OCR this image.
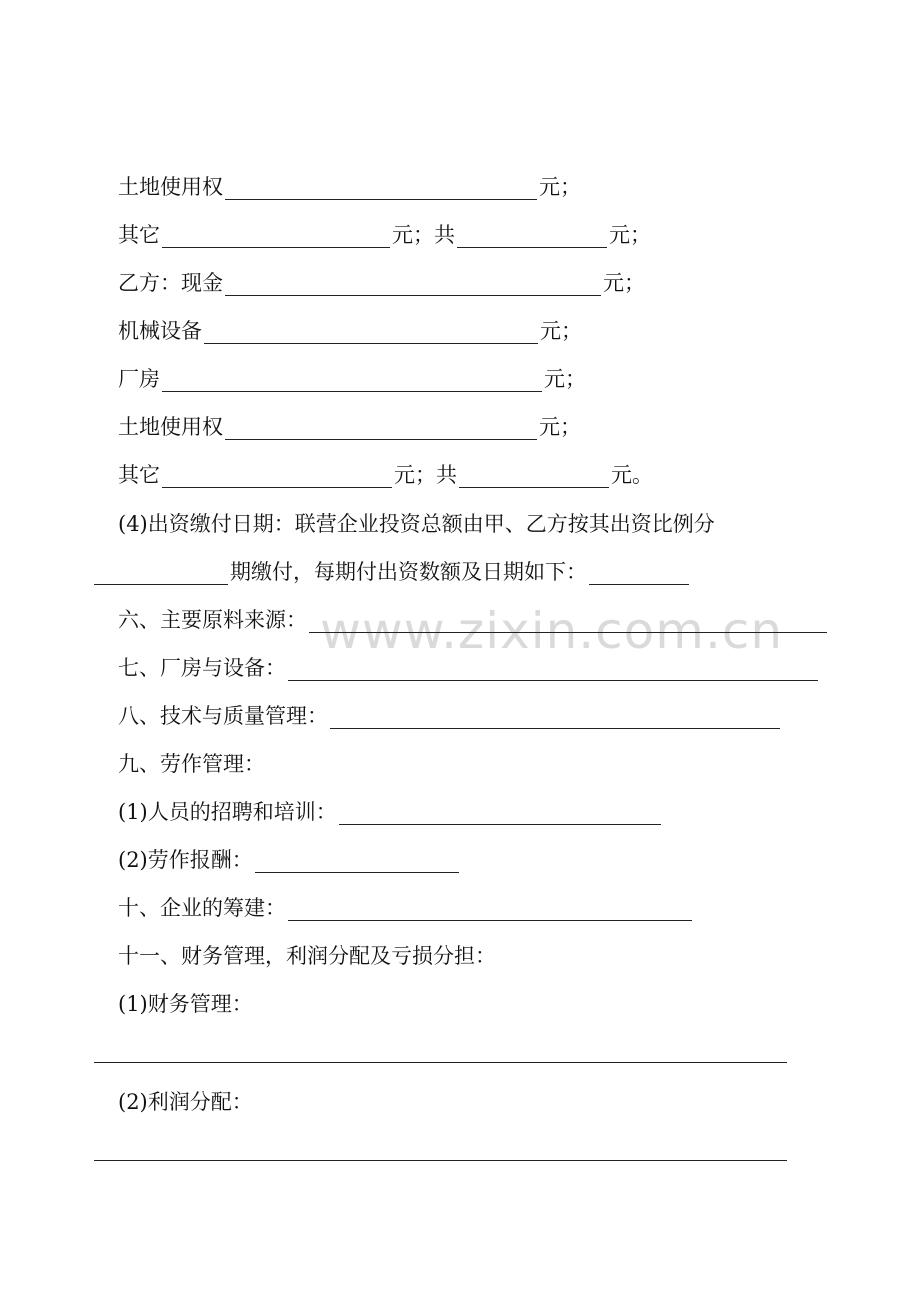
www.zixin.com.cn
土地使用权	元；
其它	元；共	元；
乙方：现金	元；
机械设备	元；
厂房	元；
土地使用权	元；
其它	元；共	元。
(4)出资缴付日期：联营企业投资总额由甲、乙方按其出资比例分
期缴付，每期付出资数额及日期如下：
六、主要原料来源：
七、厂房与设备：
八、技术与质量管理：
九、劳作管理：
(1)人员的招聘和培训：
(2)劳作报酬：
十、企业的筹建：
十一、财务管理，利润分配及亏损分担：
(1)财务管理：
(2)利润分配：
